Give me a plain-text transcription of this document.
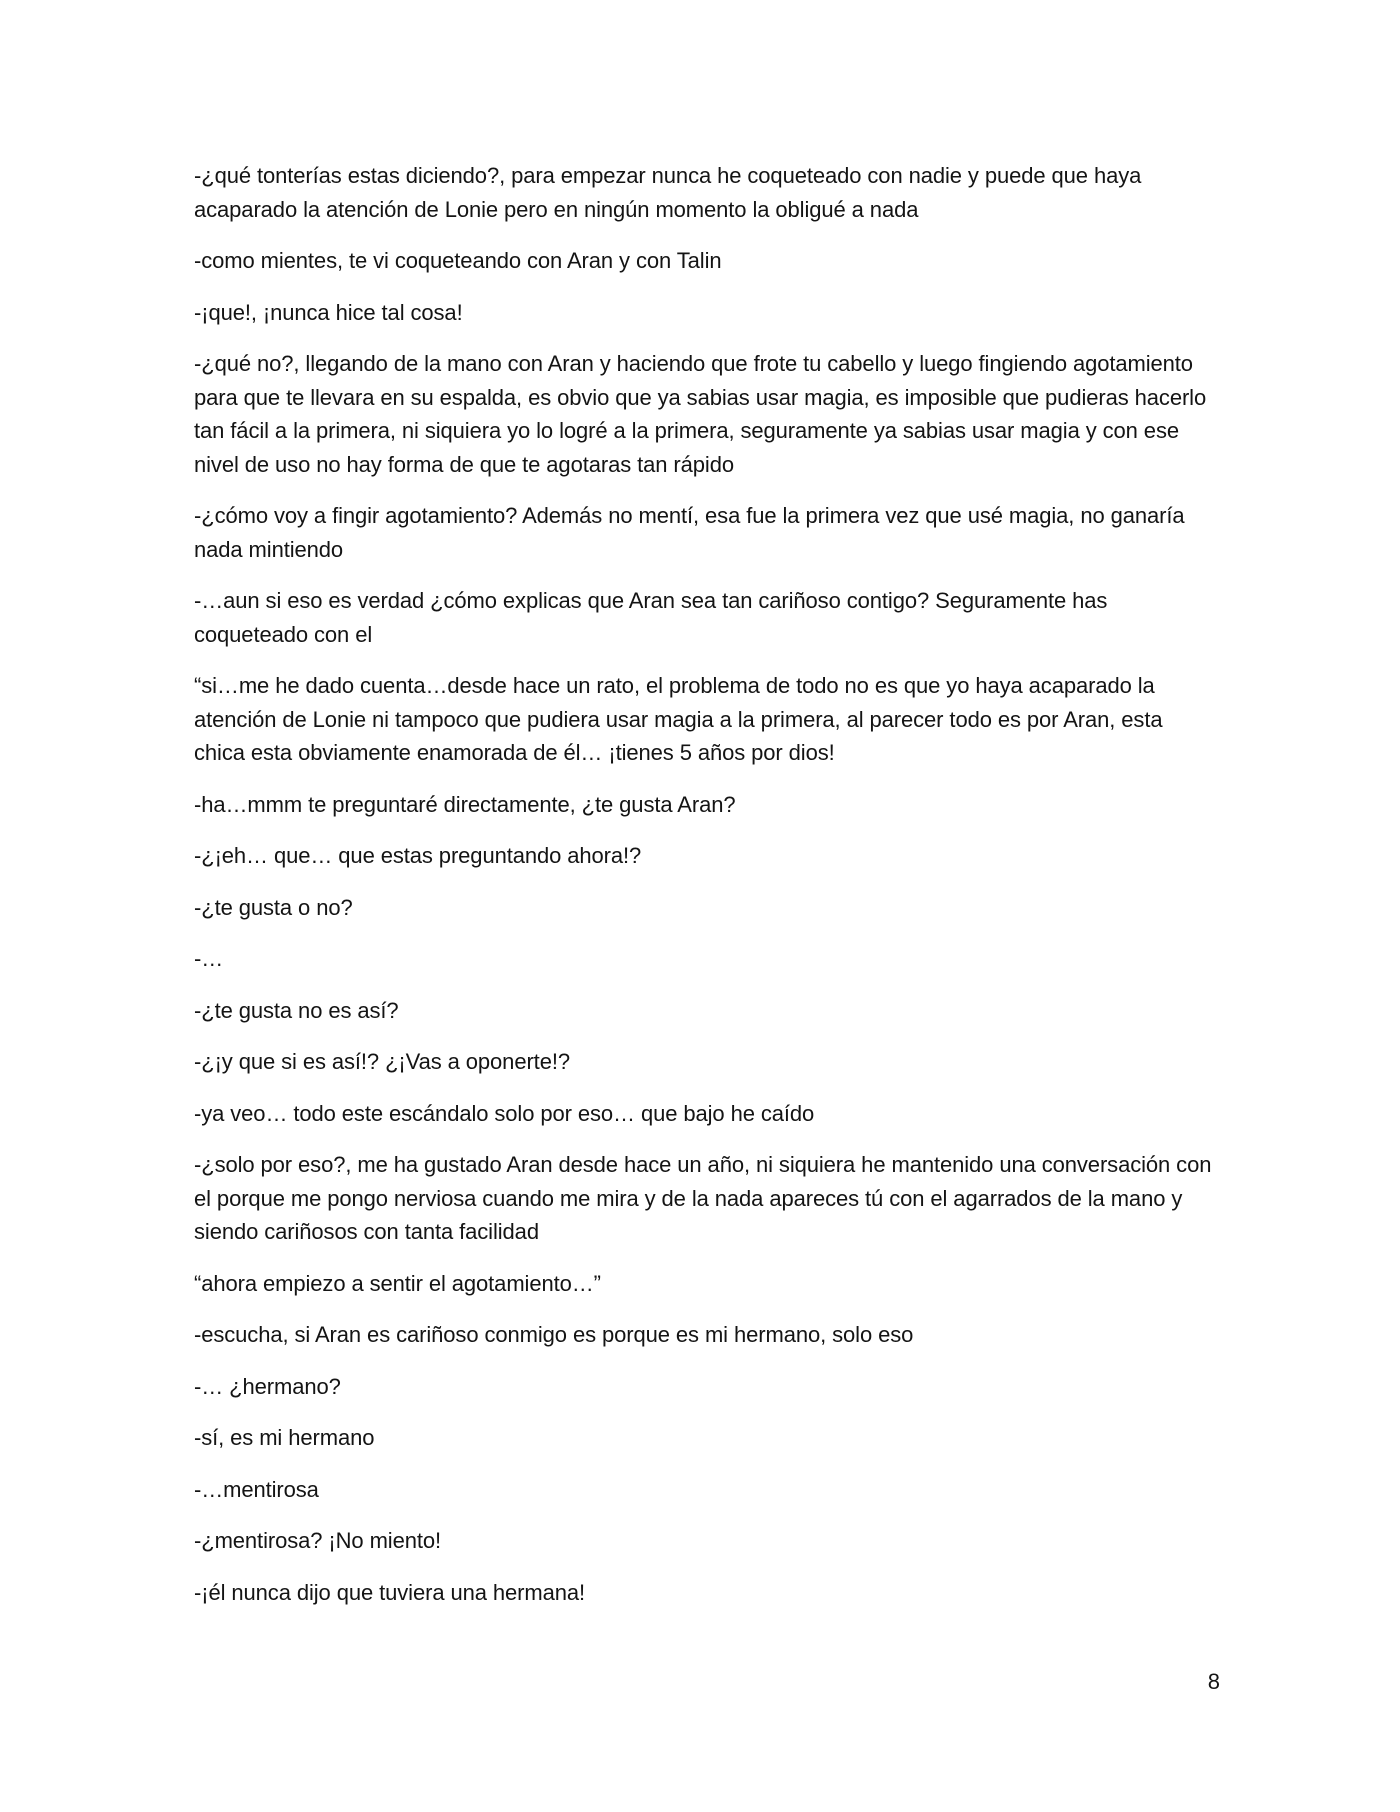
-¿qué tonterías estas diciendo?, para empezar nunca he coqueteado con nadie y puede que haya acaparado la atención de Lonie pero en ningún momento la obligué a nada

-como mientes, te vi coqueteando con Aran y con Talin

-¡que!, ¡nunca hice tal cosa!

-¿qué no?, llegando de la mano con Aran y haciendo que frote tu cabello y luego fingiendo agotamiento para que te llevara en su espalda, es obvio que ya sabias usar magia, es imposible que pudieras hacerlo tan fácil a la primera, ni siquiera yo lo logré a la primera, seguramente ya sabias usar magia y con ese nivel de uso no hay forma de que te agotaras tan rápido

-¿cómo voy a fingir agotamiento? Además no mentí, esa fue la primera vez que usé magia, no ganaría nada mintiendo

-…aun si eso es verdad ¿cómo explicas que Aran sea tan cariñoso contigo? Seguramente has coqueteado con el

“si…me he dado cuenta…desde hace un rato, el problema de todo no es que yo haya acaparado la atención de Lonie ni tampoco que pudiera usar magia a la primera, al parecer todo es por Aran, esta chica esta obviamente enamorada de él… ¡tienes 5 años por dios!

-ha…mmm te preguntaré directamente, ¿te gusta Aran?

-¿¡eh… que… que estas preguntando ahora!?

-¿te gusta o no?

-…

-¿te gusta no es así?

-¿¡y que si es así!? ¿¡Vas a oponerte!?

-ya veo… todo este escándalo solo por eso… que bajo he caído

-¿solo por eso?, me ha gustado Aran desde hace un año, ni siquiera he mantenido una conversación con el porque me pongo nerviosa cuando me mira y de la nada apareces tú con el agarrados de la mano y siendo cariñosos con tanta facilidad

“ahora empiezo a sentir el agotamiento…”

-escucha, si Aran es cariñoso conmigo es porque es mi hermano, solo eso

-… ¿hermano?

-sí, es mi hermano

-…mentirosa

-¿mentirosa? ¡No miento!

-¡él nunca dijo que tuviera una hermana!

8
